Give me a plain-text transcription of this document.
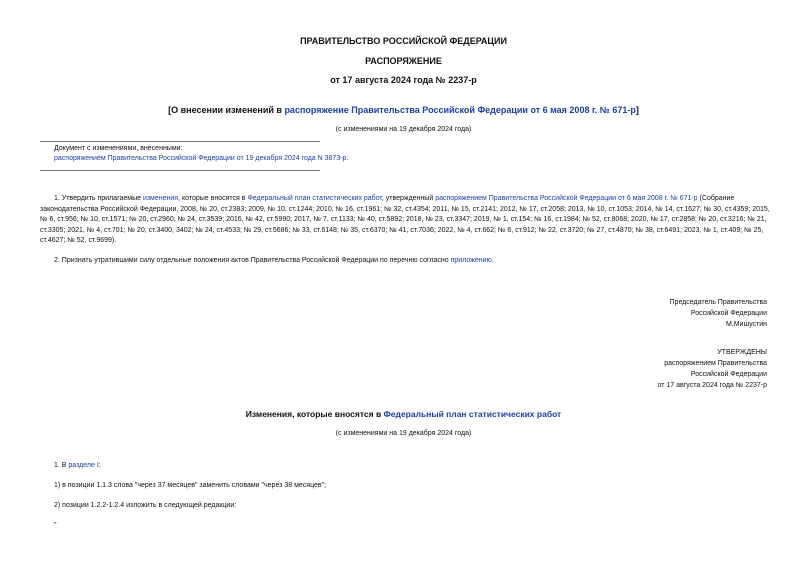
ПРАВИТЕЛЬСТВО РОССИЙСКОЙ ФЕДЕРАЦИИ
РАСПОРЯЖЕНИЕ
от 17 августа 2024 года № 2237-р
[О внесении изменений в распоряжение Правительства Российской Федерации от 6 мая 2008 г. № 671-р]
(с изменениями на 19 декабря 2024 года)
Документ с изменениями, внесенными:
распоряжением Правительства Российской Федерации от 19 декабря 2024 года N 3873-р.
1. Утвердить прилагаемые изменения, которые вносятся в Федеральный план статистических работ, утвержденный распоряжением Правительства Российской Федерации от 6 мая 2008 г. № 671-р (Собрание законодательства Российской Федерации, 2008, № 20, ст.2383; 2009, № 10, ст.1244; 2010, № 16, ст.1961; № 32, ст.4354; 2011, № 15, ст.2141; 2012, № 17, ст.2058; 2013, № 10, ст.1053; 2014, № 14, ст.1627; № 30, ст.4359; 2015, № 6, ст.956; № 10, ст.1571; № 20, ст.2960; № 24, ст.3539; 2016, № 42, ст.5990; 2017, № 7, ст.1133; № 40, ст.5892; 2018, № 23, ст.3347; 2019, № 1, ст.154; № 16, ст.1984; № 52, ст.8068; 2020, № 17, ст.2858; № 20, ст.3216; № 21, ст.3305; 2021, № 4, ст.701; № 20, ст.3400, 3402; № 24, ст.4533; № 29, ст.5686; № 33, ст.6148; № 35, ст.6370; № 41, ст.7036; 2022, № 4, ст.662; № 6, ст.912; № 22, ст.3720; № 27, ст.4870; № 38, ст.6491; 2023, № 1, ст.409; № 25, ст.4627; № 52, ст.9699).
2. Признать утратившими силу отдельные положения актов Правительства Российской Федерации по перечню согласно приложению.
Председатель Правительства
Российской Федерации
М.Мишустин
УТВЕРЖДЕНЫ
распоряжением Правительства
Российской Федерации
от 17 августа 2024 года № 2237-р
Изменения, которые вносятся в Федеральный план статистических работ
(с изменениями на 19 декабря 2024 года)
1. В разделе I:
1) в позиции 1.1.3 слова "через 37 месяцев" заменить словами "через 38 месяцев";
2) позиции 1.2.2-1.2.4 изложить в следующей редакции:
"
